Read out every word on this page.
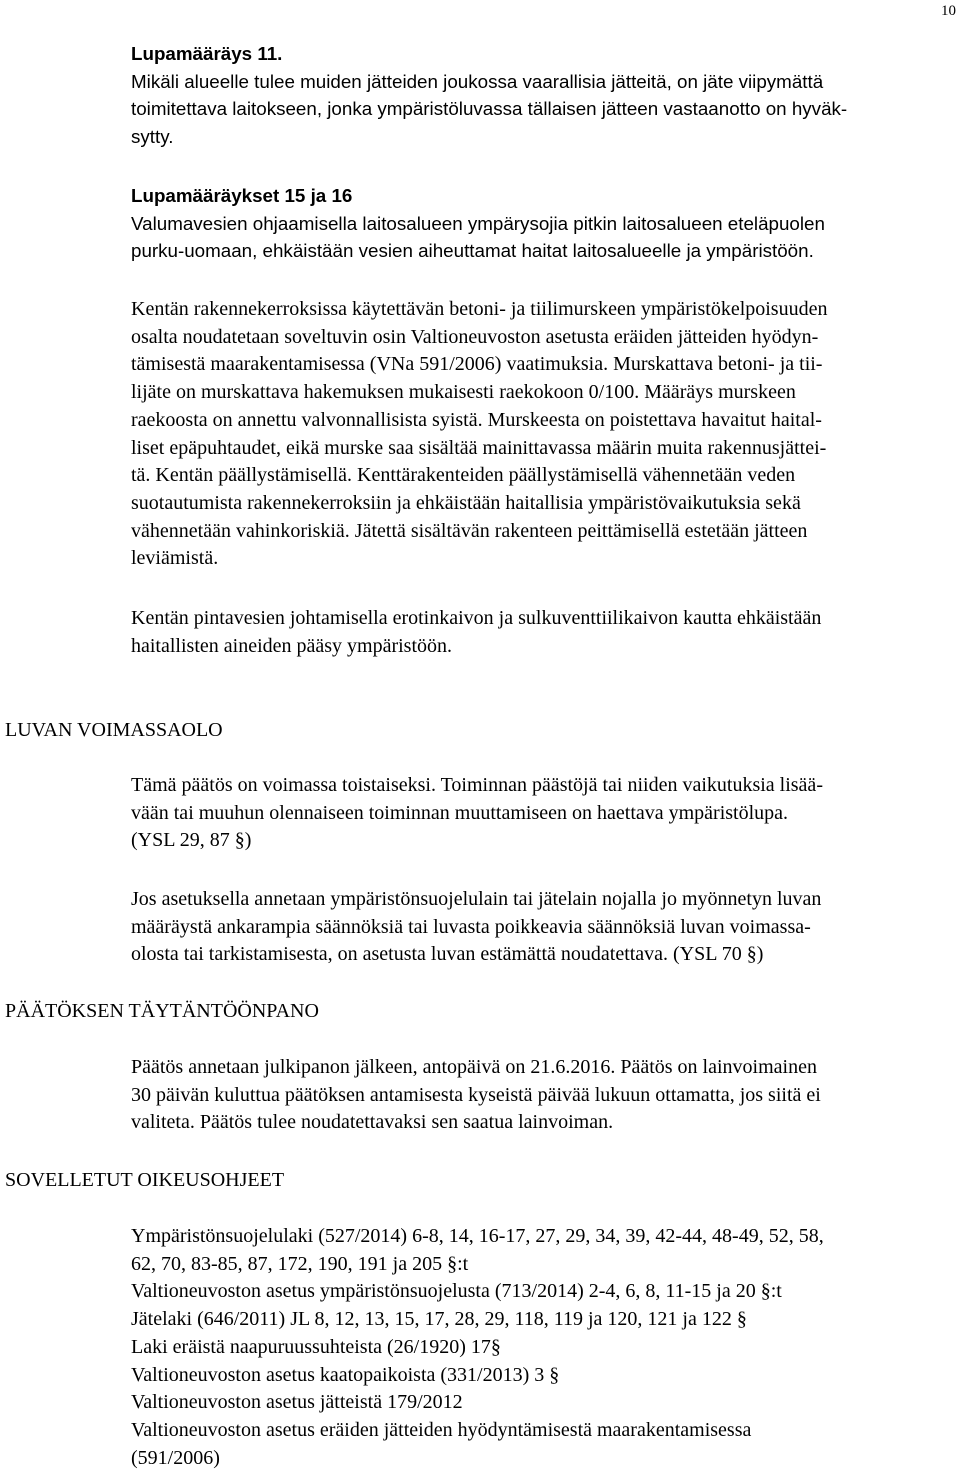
10
Lupamääräys 11.
Mikäli alueelle tulee muiden jätteiden joukossa vaarallisia jätteitä, on jäte viipymättä
toimitettava laitokseen, jonka ympäristöluvassa tällaisen jätteen vastaanotto on hyväk-
sytty.
Lupamääräykset 15 ja 16
Valumavesien ohjaamisella laitosalueen ympärysojia pitkin laitosalueen eteläpuolen
purku-uomaan, ehkäistään vesien aiheuttamat haitat laitosalueelle ja ympäristöön.
Kentän rakennekerroksissa käytettävän betoni- ja tiilimurskeen ympäristökelpoisuuden
osalta noudatetaan soveltuvin osin Valtioneuvoston asetusta eräiden jätteiden hyödyn-
tämisestä maarakentamisessa (VNa 591/2006) vaatimuksia. Murskattava betoni- ja tii-
lijäte on murskattava hakemuksen mukaisesti raekokoon 0/100. Määräys murskeen
raekoosta on annettu valvonnallisista syistä. Murskeesta on poistettava havaitut haital-
liset epäpuhtaudet, eikä murske saa sisältää mainittavassa määrin muita rakennusjättei-
tä. Kentän päällystämisellä. Kenttärakenteiden päällystämisellä vähennetään veden
suotautumista rakennekerroksiin ja ehkäistään haitallisia ympäristövaikutuksia sekä
vähennetään vahinkoriskiä. Jätettä sisältävän rakenteen peittämisellä estetään jätteen
leviämistä.
Kentän pintavesien johtamisella erotinkaivon ja sulkuventtiilikaivon kautta ehkäistään
haitallisten aineiden pääsy ympäristöön.
LUVAN VOIMASSAOLO
Tämä päätös on voimassa toistaiseksi. Toiminnan päästöjä tai niiden vaikutuksia lisää-
vään tai muuhun olennaiseen toiminnan muuttamiseen on haettava ympäristölupa.
(YSL 29, 87 §)
Jos asetuksella annetaan ympäristönsuojelulain tai jätelain nojalla jo myönnetyn luvan
määräystä ankarampia säännöksiä tai luvasta poikkeavia säännöksiä luvan voimassa-
olosta tai tarkistamisesta, on asetusta luvan estämättä noudatettava. (YSL 70 §)
PÄÄTÖKSEN TÄYTÄNTÖÖNPANO
Päätös annetaan julkipanon jälkeen, antopäivä on 21.6.2016. Päätös on lainvoimainen
30 päivän kuluttua päätöksen antamisesta kyseistä päivää lukuun ottamatta, jos siitä ei
valiteta. Päätös tulee noudatettavaksi sen saatua lainvoiman.
SOVELLETUT OIKEUSOHJEET
Ympäristönsuojelulaki (527/2014) 6-8, 14, 16-17, 27, 29, 34, 39, 42-44, 48-49, 52, 58,
62, 70, 83-85, 87, 172, 190, 191 ja 205 §:t
Valtioneuvoston asetus ympäristönsuojelusta (713/2014) 2-4, 6, 8, 11-15 ja 20 §:t
Jätelaki (646/2011) JL 8, 12, 13, 15, 17, 28, 29, 118, 119 ja 120, 121 ja 122 §
Laki eräistä naapuruussuhteista (26/1920) 17§
Valtioneuvoston asetus kaatopaikoista (331/2013) 3 §
Valtioneuvoston asetus jätteistä 179/2012
Valtioneuvoston asetus eräiden jätteiden hyödyntämisestä maarakentamisessa
(591/2006)
